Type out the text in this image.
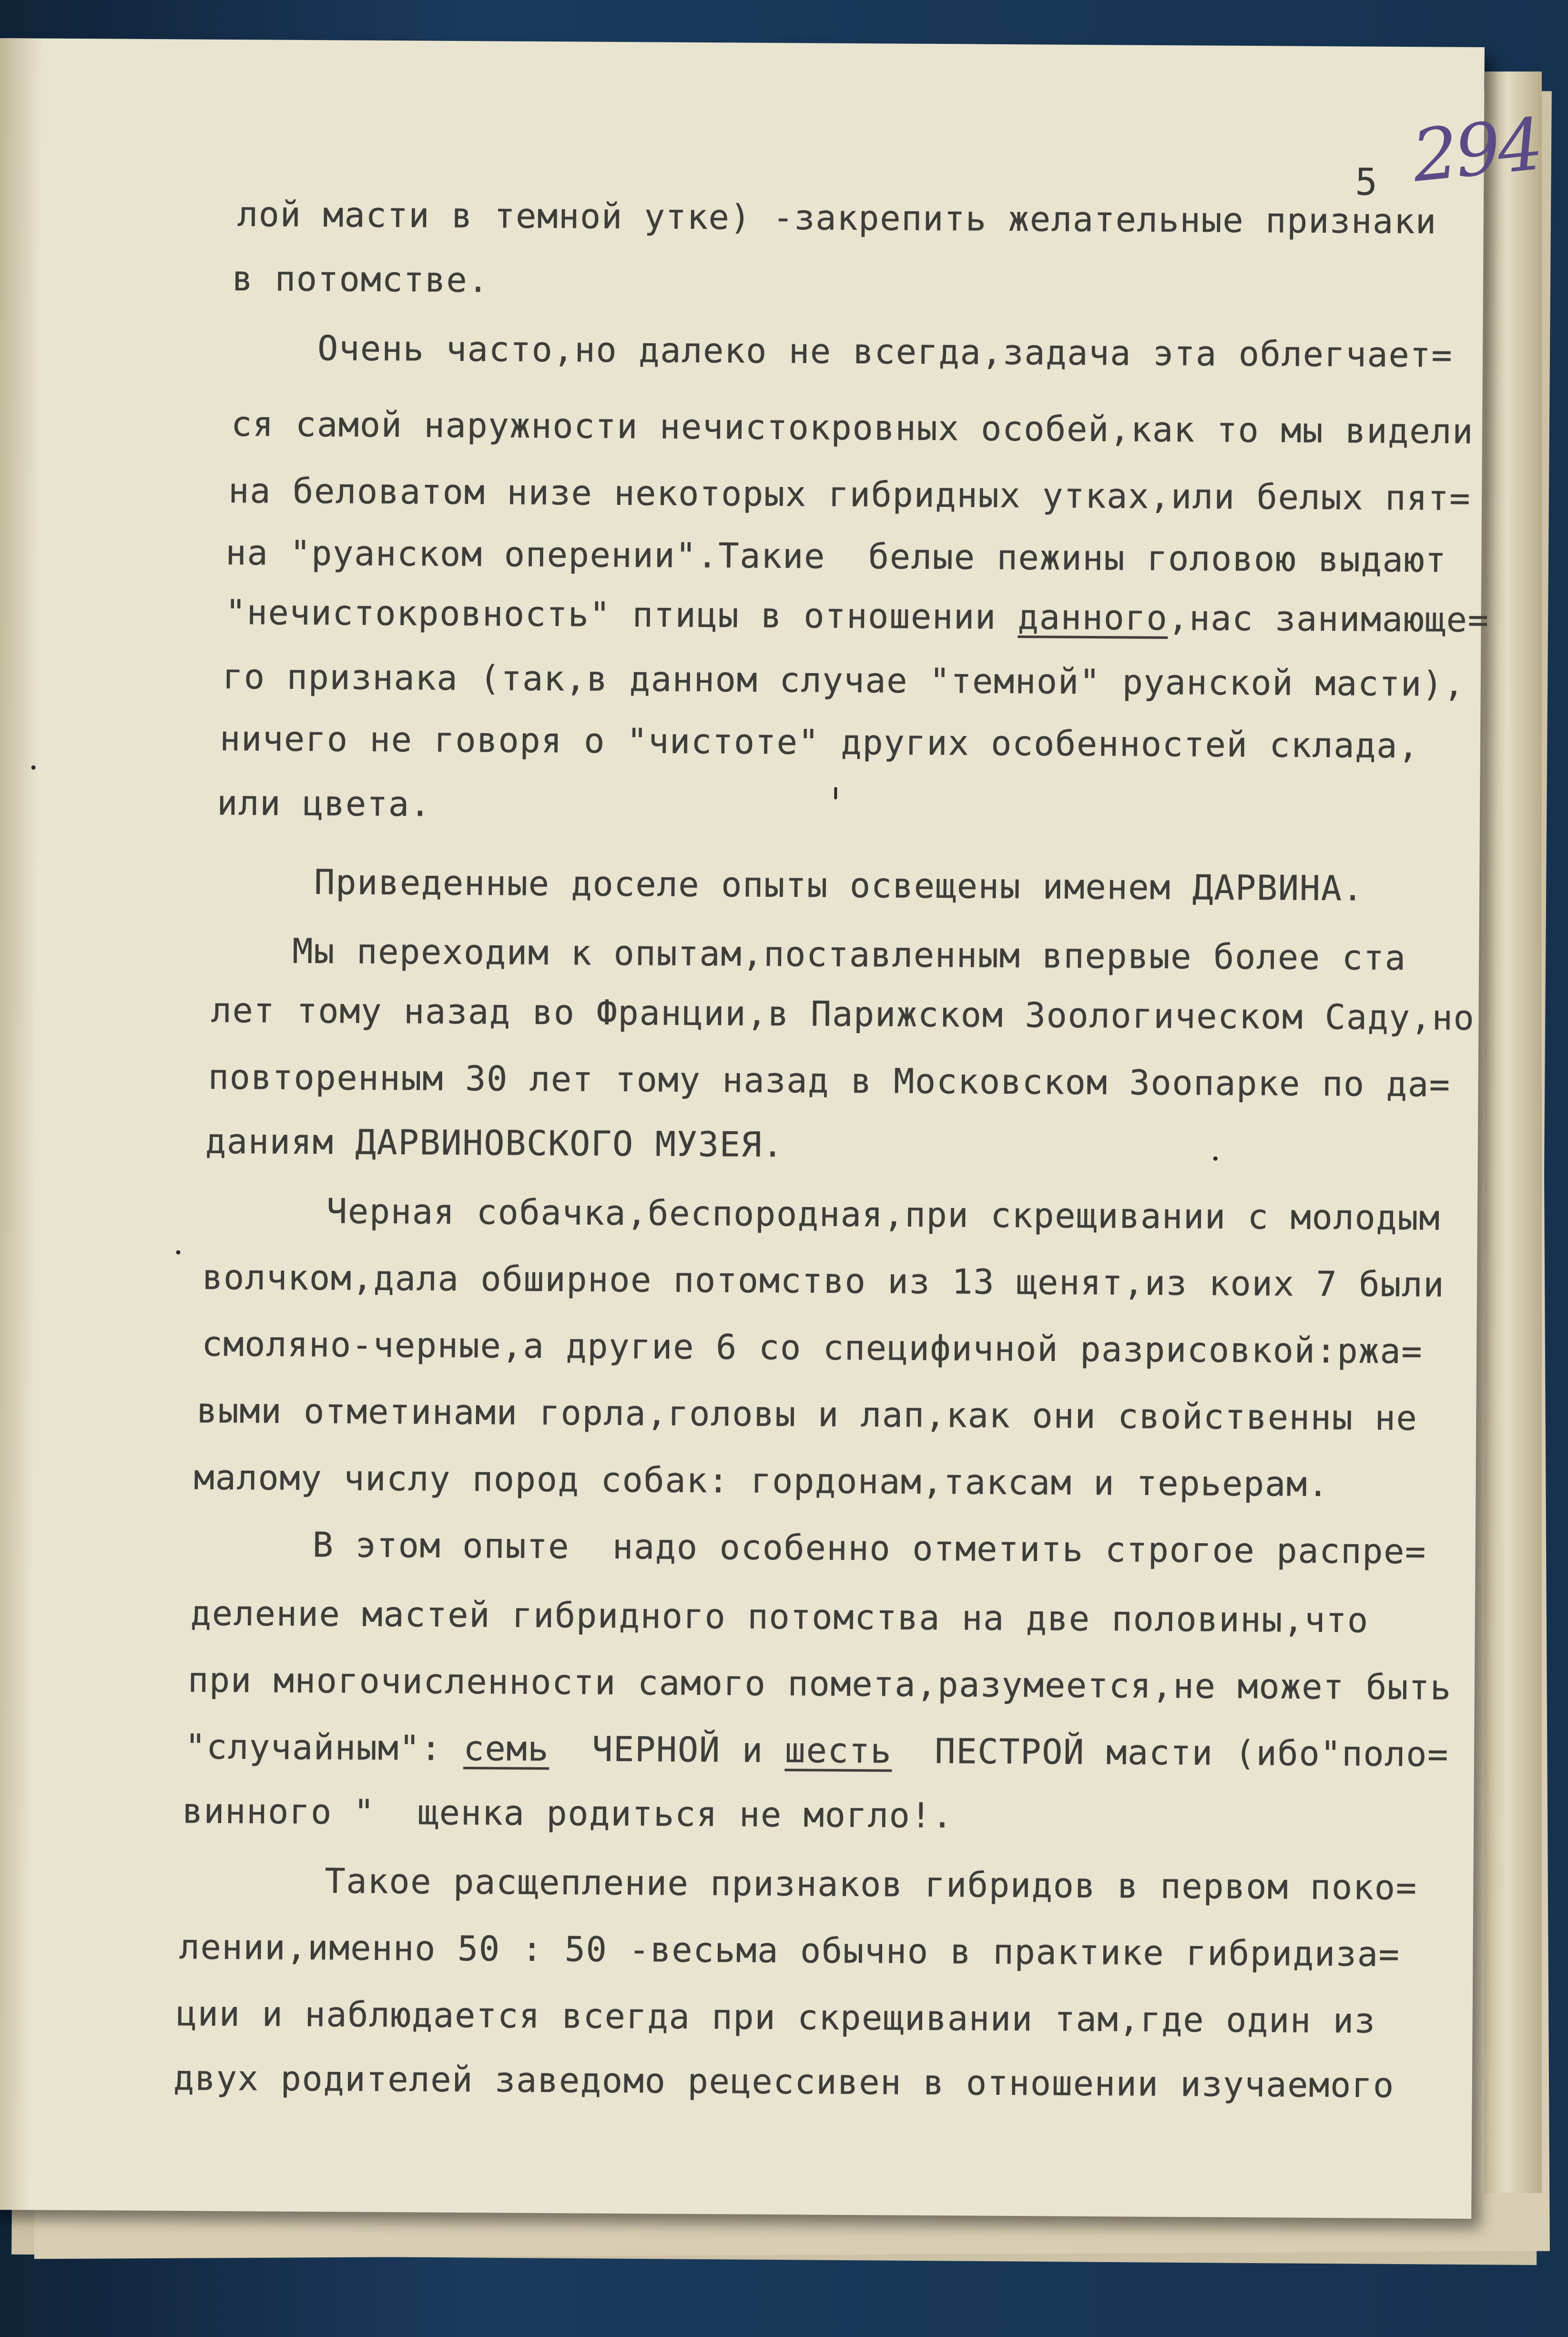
5 294
лой масти в темной утке) -закрепить желательные признаки
в потомстве.
Очень часто,но далеко не всегда,задача эта облегчает=
ся самой наружности нечистокровных особей,как то мы видели
на беловатом низе некоторых гибридных утках,или белых пят=
на "руанском оперении".Такие  белые пежины головою выдают
"нечистокровность" птицы в отношении данного,нас занимающе=
го признака (так,в данном случае "темной" руанской масти),
ничего не говоря о "чистоте" других особенностей склада,
или цвета.
Приведенные доселе опыты освещены именем ДАРВИНА.
Мы переходим к опытам,поставленным впервые более ста
лет тому назад во Франции,в Парижском Зоологическом Саду,но
повторенным 30 лет тому назад в Московском Зоопарке по да=
даниям ДАРВИНОВСКОГО МУЗЕЯ.
Черная собачка,беспородная,при скрещивании с молодым
волчком,дала обширное потомство из 13 щенят,из коих 7 были
смоляно-черные,а другие 6 со специфичной разрисовкой:ржа=
выми отметинами горла,головы и лап,как они свойственны не
малому числу пород собак: гордонам,таксам и терьерам.
В этом опыте  надо особенно отметить строгое распре=
деление мастей гибридного потомства на две половины,что
при многочисленности самого помета,разумеется,не может быть
"случайным": семь  ЧЕРНОЙ и шесть  ПЕСТРОЙ масти (ибо"поло=
винного "  щенка родиться не могло!.
Такое расщепление признаков гибридов в первом поко=
лении,именно 50 : 50 -весьма обычно в практике гибридиза=
ции и наблюдается всегда при скрещивании там,где один из
двух родителей заведомо рецессивен в отношении изучаемого
